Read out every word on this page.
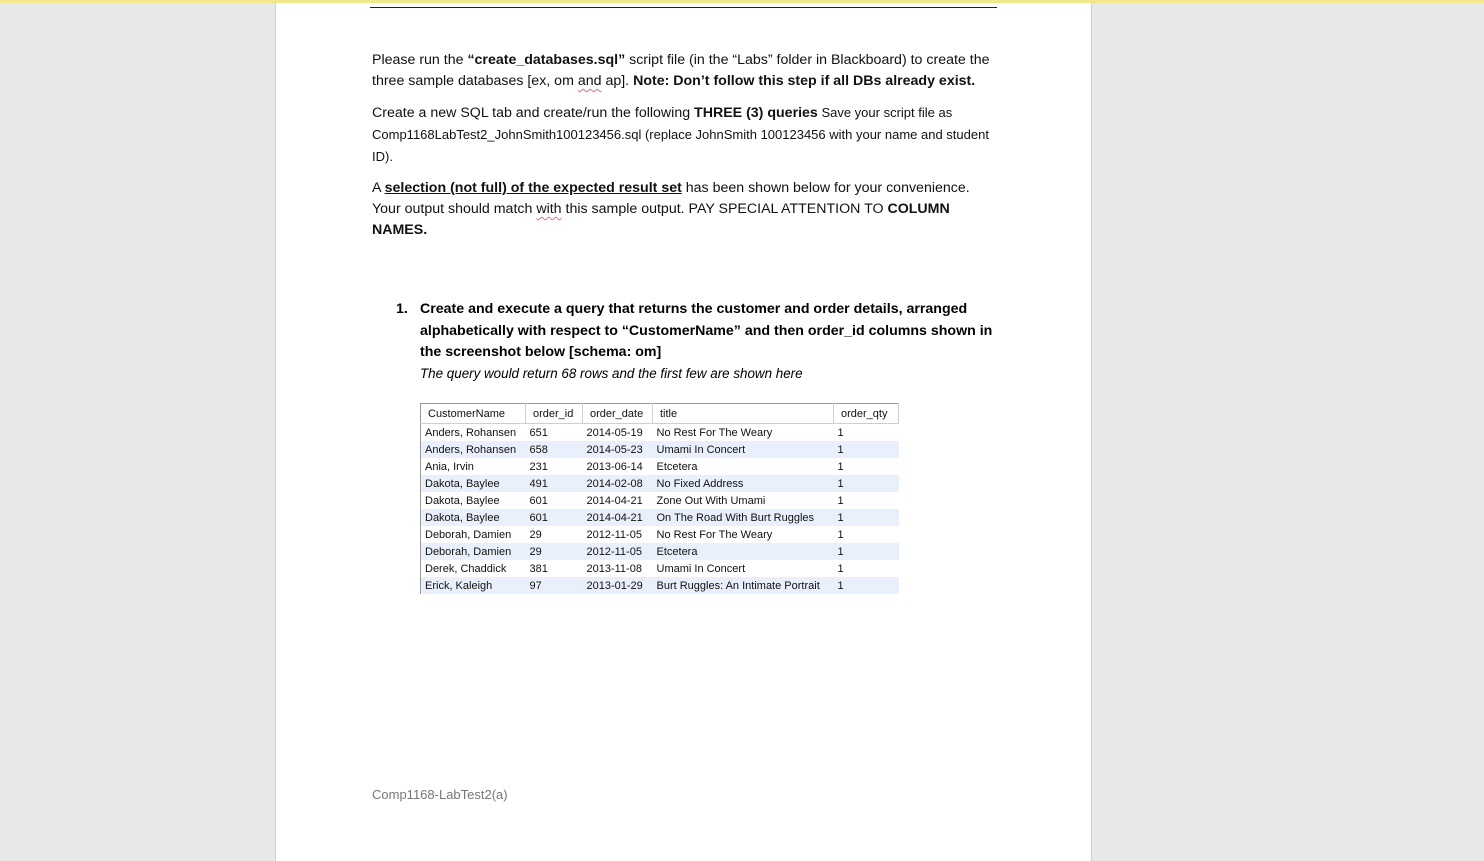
Please run the “create_databases.sql” script file (in the “Labs” folder in Blackboard) to create the three sample databases [ex, om and ap]. Note: Don’t follow this step if all DBs already exist.

Create a new SQL tab and create/run the following THREE (3) queries Save your script file as Comp1168LabTest2_JohnSmith100123456.sql (replace JohnSmith 100123456 with your name and student ID).

A selection (not full) of the expected result set has been shown below for your convenience. Your output should match with this sample output. PAY SPECIAL ATTENTION TO COLUMN NAMES.

1. Create and execute a query that returns the customer and order details, arranged alphabetically with respect to “CustomerName” and then order_id columns shown in the screenshot below [schema: om]
The query would return 68 rows and the first few are shown here
CustomerName	order_id	order_date	title	order_qty
Anders, Rohansen	651	2014-05-19	No Rest For The Weary	1
Anders, Rohansen	658	2014-05-23	Umami In Concert	1
Ania, Irvin	231	2013-06-14	Etcetera	1
Dakota, Baylee	491	2014-02-08	No Fixed Address	1
Dakota, Baylee	601	2014-04-21	Zone Out With Umami	1
Dakota, Baylee	601	2014-04-21	On The Road With Burt Ruggles	1
Deborah, Damien	29	2012-11-05	No Rest For The Weary	1
Deborah, Damien	29	2012-11-05	Etcetera	1
Derek, Chaddick	381	2013-11-08	Umami In Concert	1
Erick, Kaleigh	97	2013-01-29	Burt Ruggles: An Intimate Portrait	1
Comp1168-LabTest2(a)
